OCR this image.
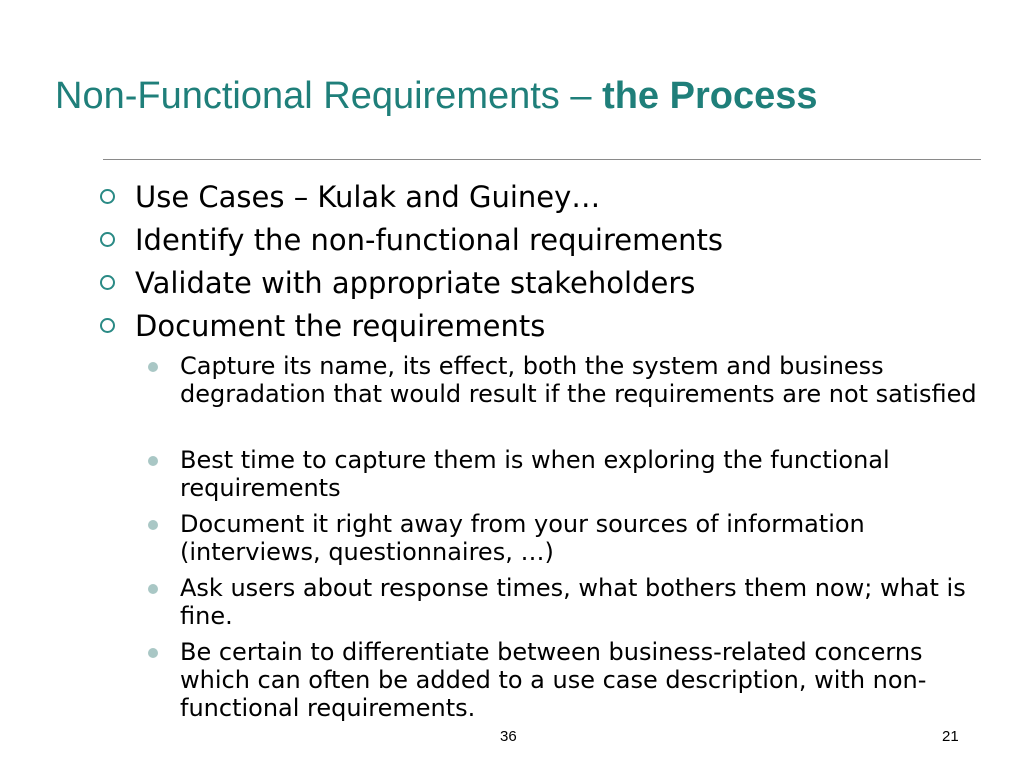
Non-Functional Requirements – the Process
Use Cases – Kulak and Guiney…
Identify the non-functional requirements
Validate with appropriate stakeholders
Document the requirements
Capture its name, its effect, both the system and business degradation that would result if the requirements are not satisfied
Best time to capture them is when exploring the functional requirements
Document it right away from your sources of information (interviews, questionnaires, …)
Ask users about response times, what bothers them now; what is fine.
Be certain to differentiate between business-related concerns which can often be added to a use case description, with non-functional requirements.
36	21
